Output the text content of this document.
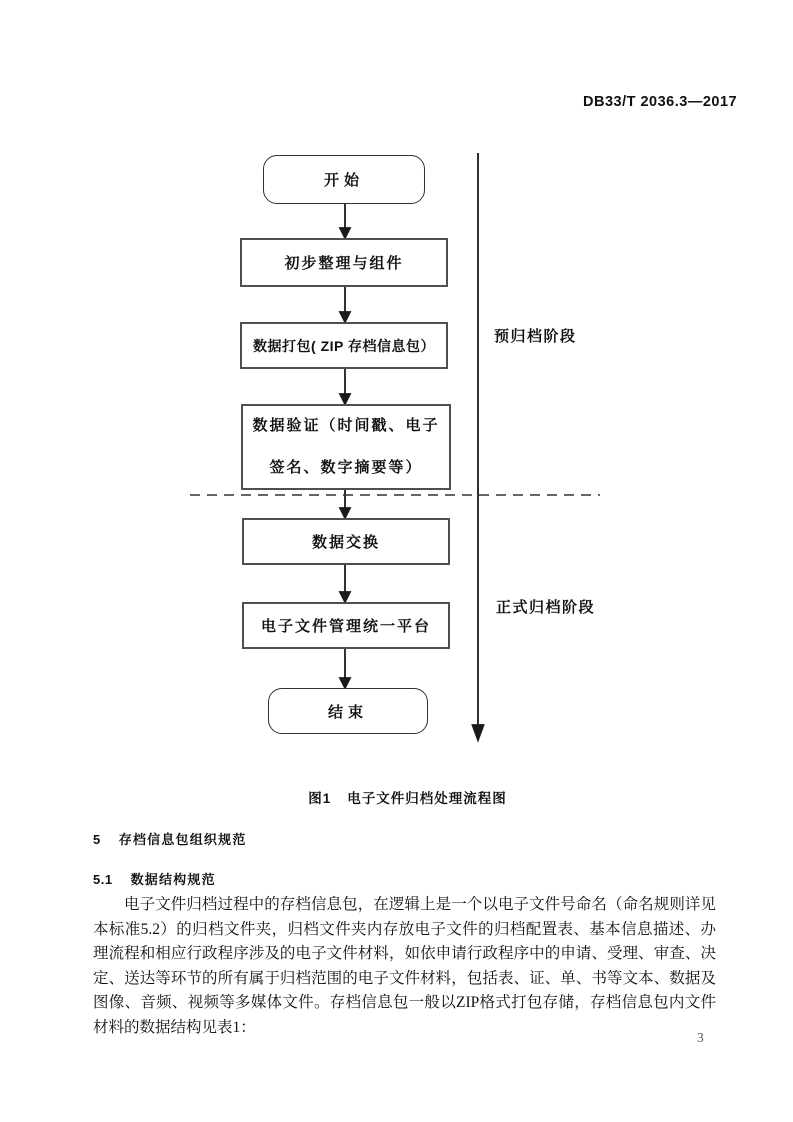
DB33/T 2036.3—2017
开始
初步整理与组件
数据打包( ZIP 存档信息包）
数据验证（时间戳、电子
签名、数字摘要等）
数据交换
电子文件管理统一平台
结束
预归档阶段
正式归档阶段
图1 电子文件归档处理流程图
5 存档信息包组织规范
5.1 数据结构规范

电子文件归档过程中的存档信息包，在逻辑上是一个以电子文件号命名（命名规则详见本标准5.2）的归档文件夹，归档文件夹内存放电子文件的归档配置表、基本信息描述、办理流程和相应行政程序涉及的电子文件材料，如依申请行政程序中的申请、受理、审查、决定、送达等环节的所有属于归档范围的电子文件材料，包括表、证、单、书等文本、数据及图像、音频、视频等多媒体文件。存档信息包一般以ZIP格式打包存储，存档信息包内文件材料的数据结构见表1：

3
